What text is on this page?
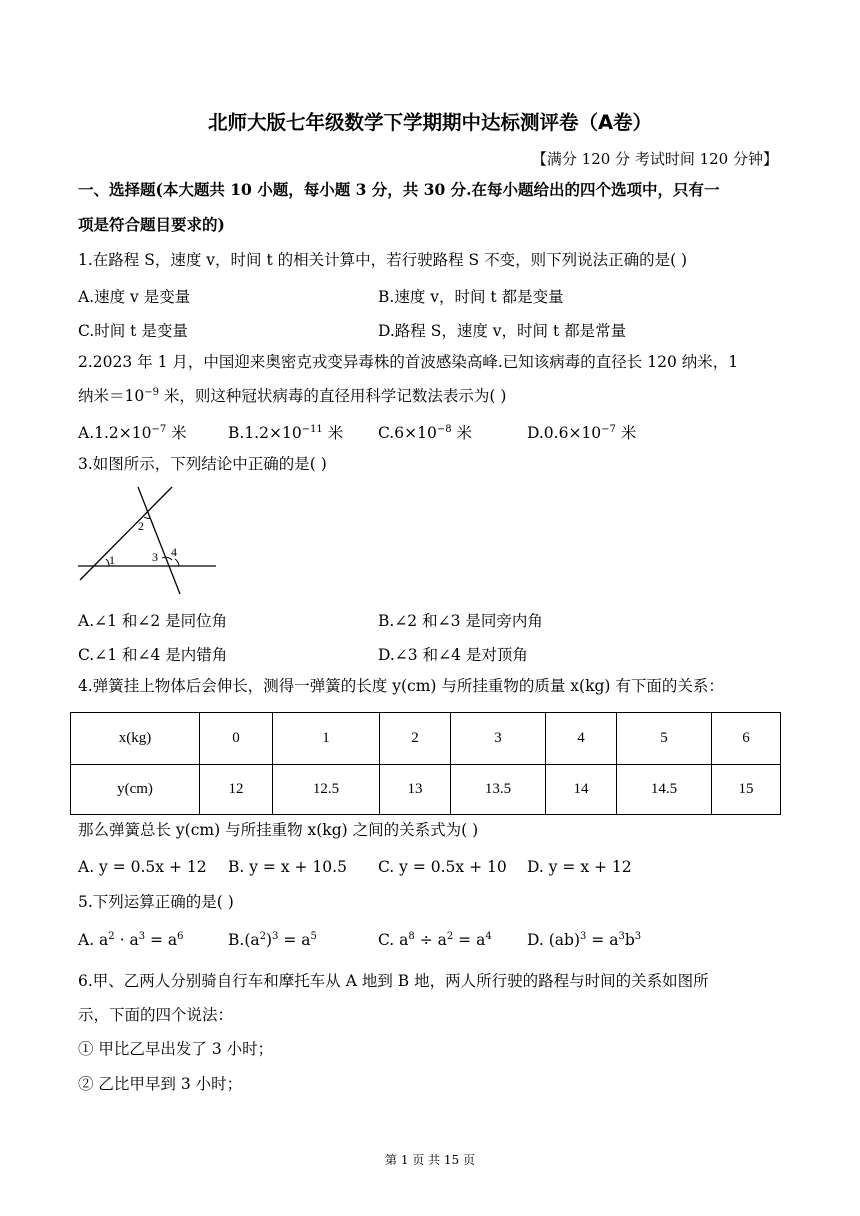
北师大版七年级数学下学期期中达标测评卷（A卷）
【满分 120 分 考试时间 120 分钟】
一、选择题(本大题共 10 小题，每小题 3 分，共 30 分.在每小题给出的四个选项中，只有一
项是符合题目要求的)
1.在路程 S，速度 v，时间 t 的相关计算中，若行驶路程 S 不变，则下列说法正确的是( )
A.速度 v 是变量	B.速度 v，时间 t 都是变量
C.时间 t 是变量	D.路程 S，速度 v，时间 t 都是常量
2.2023 年 1 月，中国迎来奥密克戎变异毒株的首波感染高峰.已知该病毒的直径长 120 纳米，1
纳米$=10^{-9}$ 米，则这种冠状病毒的直径用科学记数法表示为( )
$A.1.2\times 10^{-7}$ 米	$B.1.2\times 10^{-11}$ 米 $C.6\times 10^{-8}$ 米	$D.0.6\times 10^{-7}$ 米
3.如图所示，下列结论中正确的是( )
1
2
3 4
A.∠1 和∠2 是同位角	B.∠2 和∠3 是同旁内角
C.∠1 和∠4 是内错角	D.∠3 和∠4 是对顶角
4.弹簧挂上物体后会伸长，测得一弹簧的长度 y(cm) 与所挂重物的质量 x(kg) 有下面的关系：
x(kg)	0	1	2	3	4	5	6
y(cm)	12	12.5	13	13.5	14	14.5	15
那么弹簧总长 y(cm) 与所挂重物 x(kg) 之间的关系式为( )
A. y = 0.5x + 12 B. y = x + 10.5 C. y = 0.5x + 10 D. y = x + 12
5.下列运算正确的是( )
A. $a^2 \cdot a^3 = a^6$	$B.(a^2)^3 = a^5$	C. $a^8 \div a^2 = a^4$ D. $(ab)^3 = a^3b^3$
6.甲、乙两人分别骑自行车和摩托车从 A 地到 B 地，两人所行驶的路程与时间的关系如图所
示，下面的四个说法：
① 甲比乙早出发了 3 小时；
② 乙比甲早到 3 小时；
第 1 页 共 15 页
